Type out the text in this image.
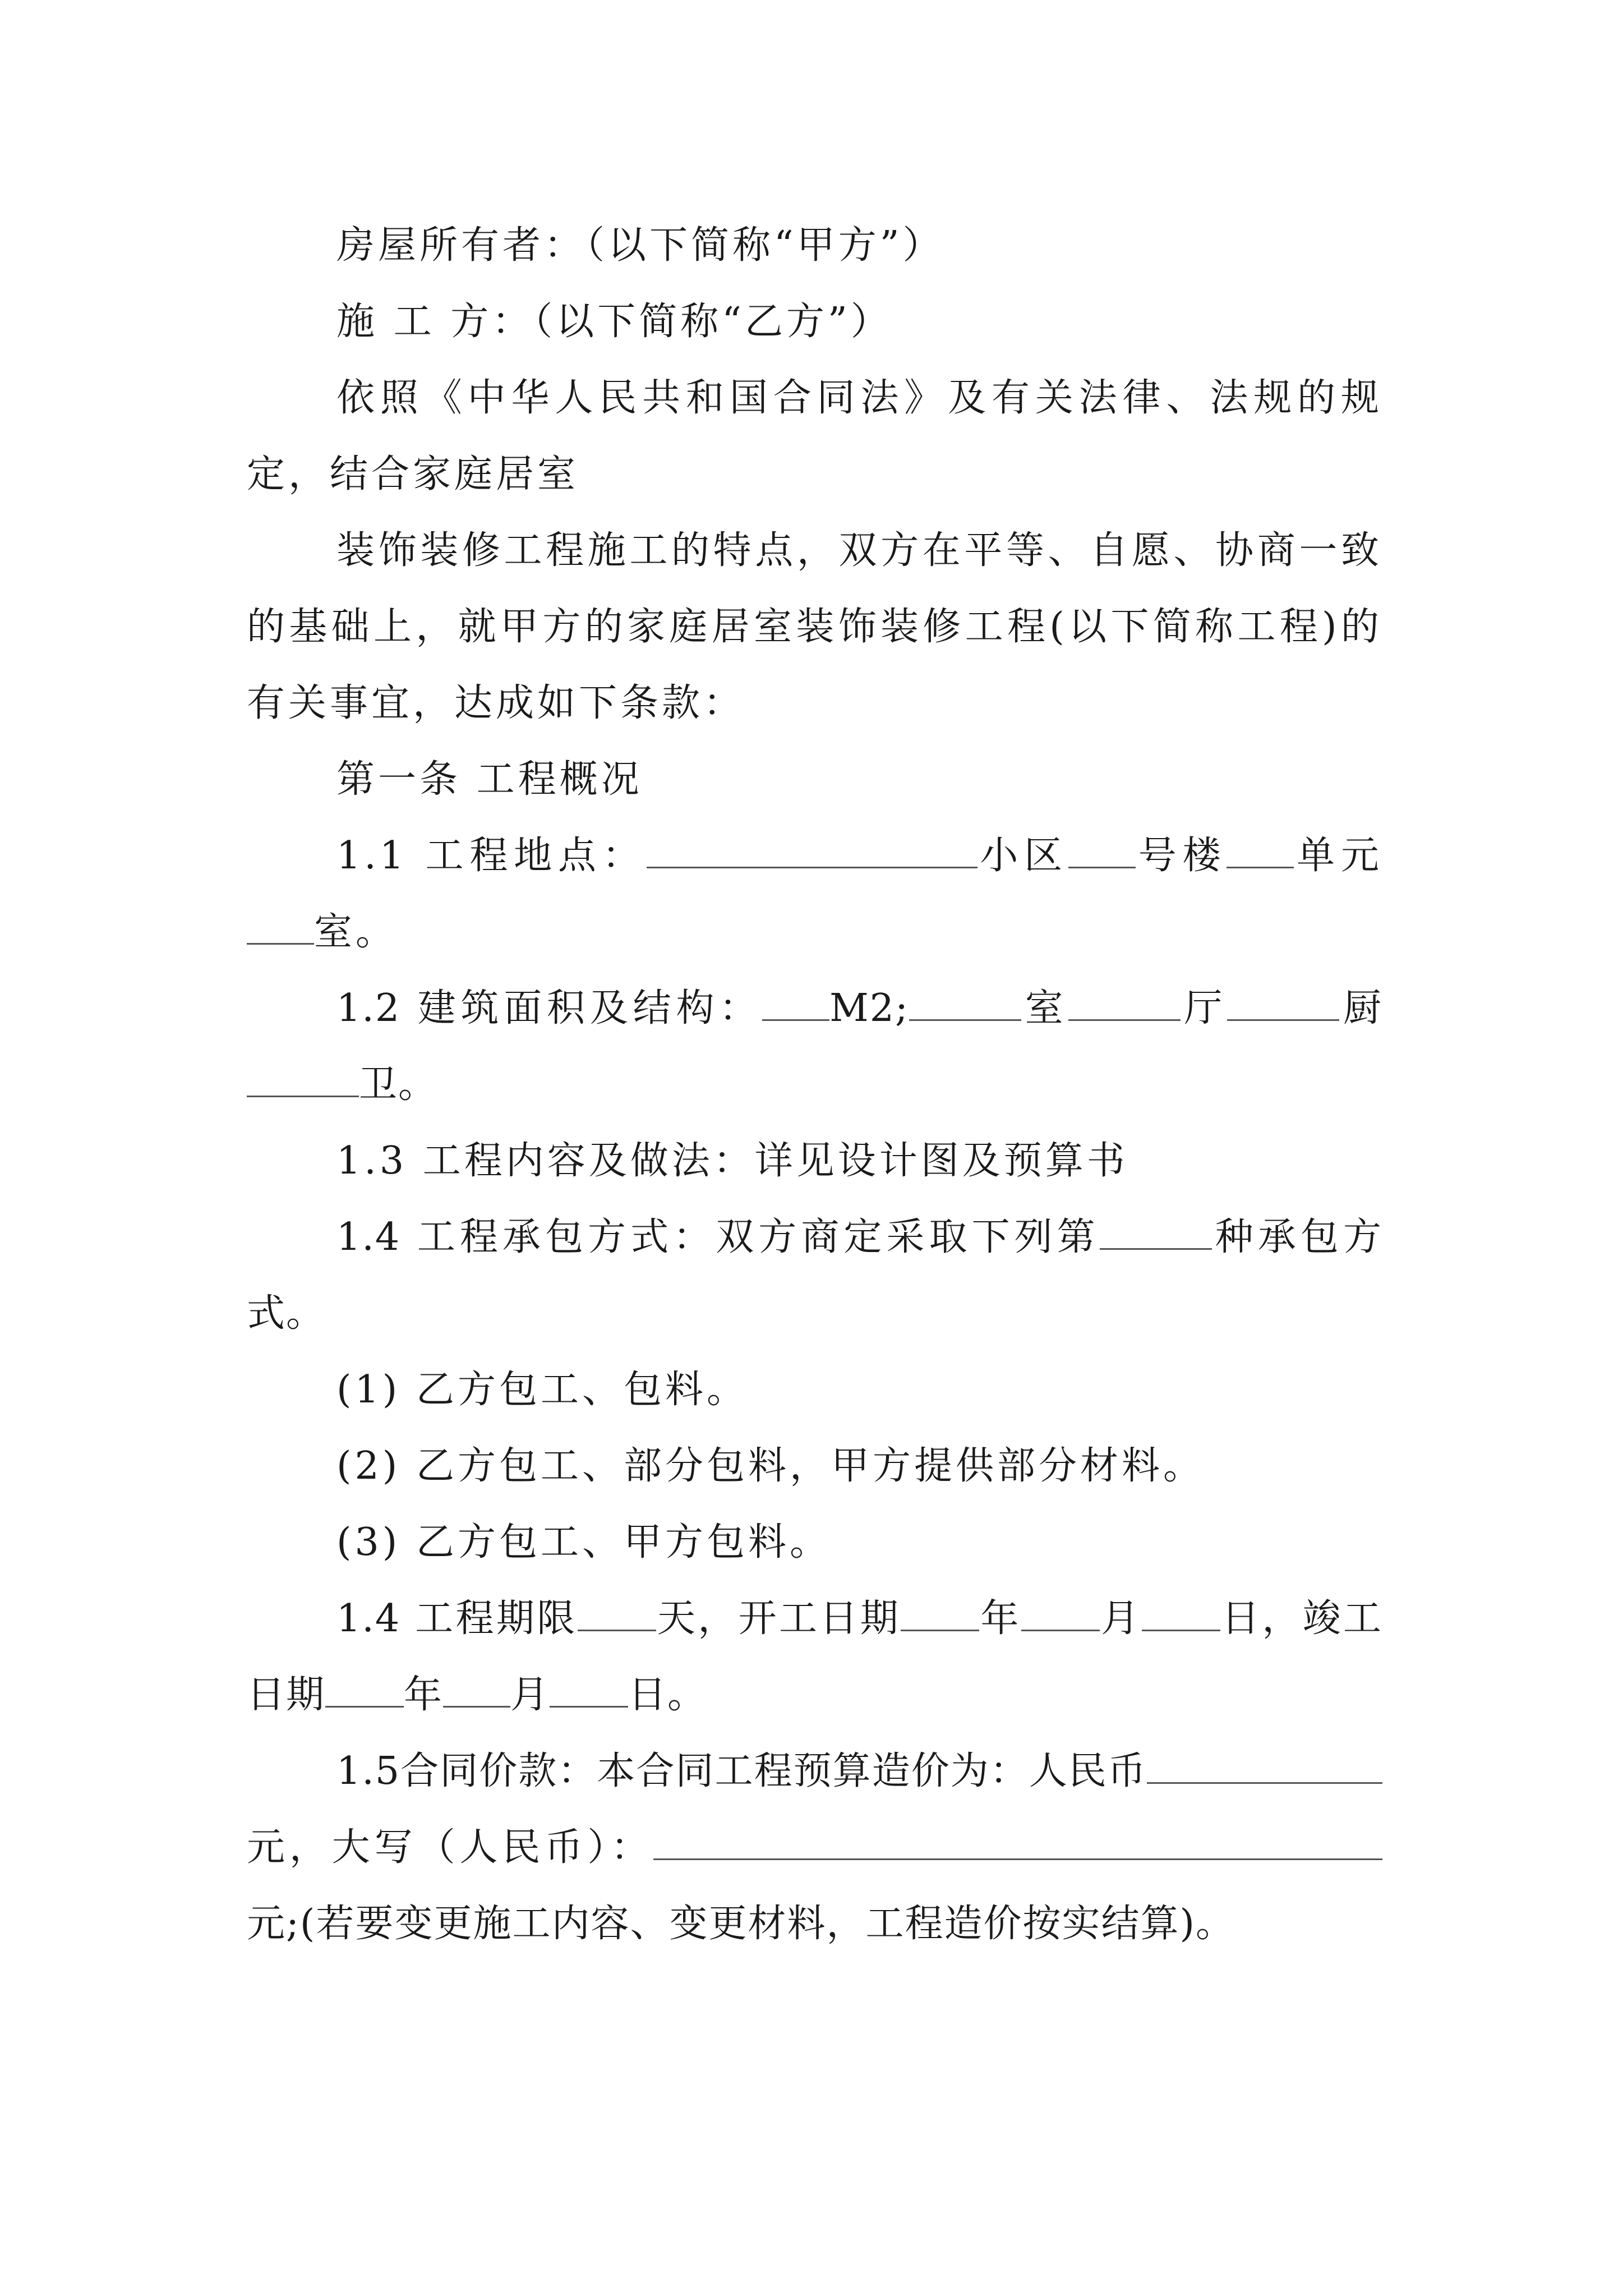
房屋所有者：（以下简称“甲方”）

施 工 方：（以下简称“乙方”）

依照《中华人民共和国合同法》及有关法律、法规的规定，结合家庭居室

装饰装修工程施工的特点，双方在平等、自愿、协商一致的基础上，就甲方的家庭居室装饰装修工程(以下简称工程)的有关事宜，达成如下条款：

第一条 工程概况

1.1 工程地点：	小区 号楼 单元室。

1.2 建筑面积及结构： M2;	室	厅	厨卫。

1.3 工程内容及做法：详见设计图及预算书

1.4 工程承包方式：双方商定采取下列第	种承包方式。

(1) 乙方包工、包料。

(2) 乙方包工、部分包料，甲方提供部分材料。

(3) 乙方包工、甲方包料。

1.4 工程期限 天，开工日期 年 月 日，竣工日期 年 月 日。

1.5合同价款：本合同工程预算造价为：人民币元，大写（人民币）：元;(若要变更施工内容、变更材料，工程造价按实结算)。
